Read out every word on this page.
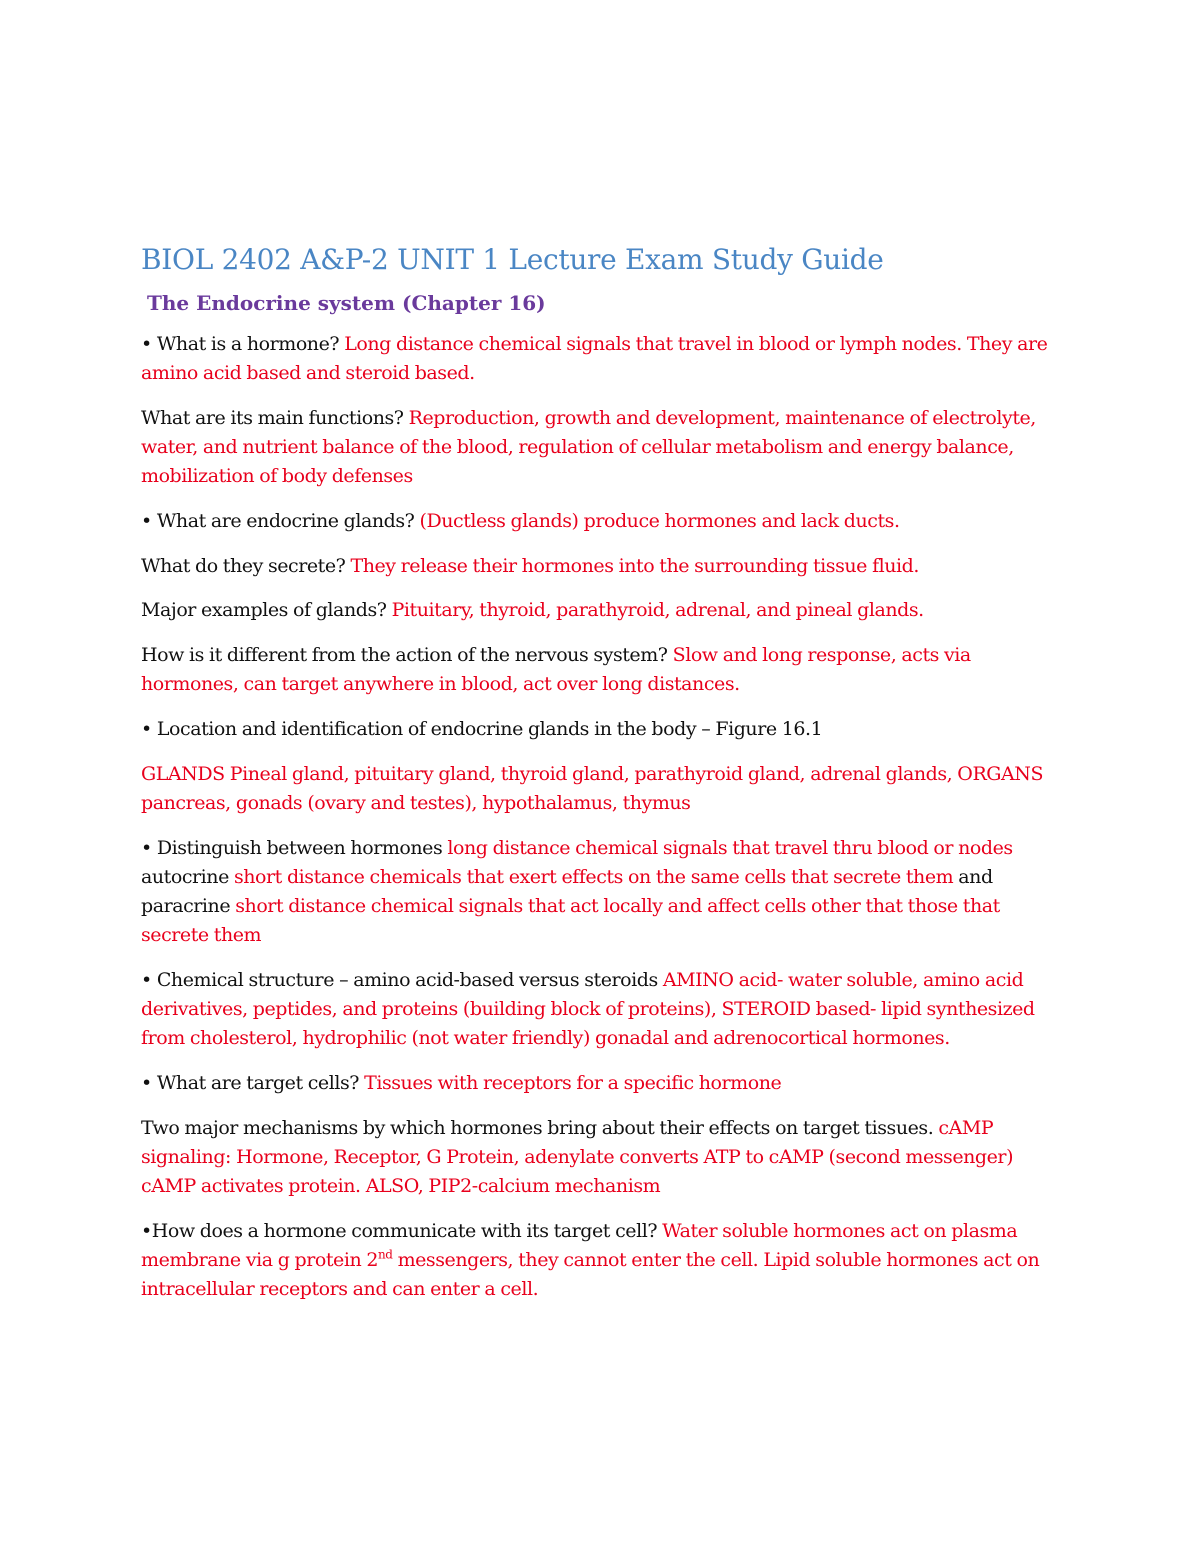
BIOL 2402 A&P-2 UNIT 1 Lecture Exam Study Guide
The Endocrine system (Chapter 16)
• What is a hormone? Long distance chemical signals that travel in blood or lymph nodes. They are amino acid based and steroid based.
What are its main functions? Reproduction, growth and development, maintenance of electrolyte, water, and nutrient balance of the blood, regulation of cellular metabolism and energy balance, mobilization of body defenses
• What are endocrine glands? (Ductless glands) produce hormones and lack ducts.
What do they secrete? They release their hormones into the surrounding tissue fluid.
Major examples of glands? Pituitary, thyroid, parathyroid, adrenal, and pineal glands.
How is it different from the action of the nervous system? Slow and long response, acts via hormones, can target anywhere in blood, act over long distances.
• Location and identification of endocrine glands in the body – Figure 16.1
GLANDS Pineal gland, pituitary gland, thyroid gland, parathyroid gland, adrenal glands, ORGANS pancreas, gonads (ovary and testes), hypothalamus, thymus
• Distinguish between hormones long distance chemical signals that travel thru blood or nodes autocrine short distance chemicals that exert effects on the same cells that secrete them and paracrine short distance chemical signals that act locally and affect cells other that those that secrete them
• Chemical structure – amino acid-based versus steroids AMINO acid- water soluble, amino acid derivatives, peptides, and proteins (building block of proteins), STEROID based- lipid synthesized from cholesterol, hydrophilic (not water friendly) gonadal and adrenocortical hormones.
• What are target cells? Tissues with receptors for a specific hormone
Two major mechanisms by which hormones bring about their effects on target tissues. cAMP signaling: Hormone, Receptor, G Protein, adenylate converts ATP to cAMP (second messenger) cAMP activates protein. ALSO, PIP2-calcium mechanism
•How does a hormone communicate with its target cell? Water soluble hormones act on plasma membrane via g protein 2nd messengers, they cannot enter the cell. Lipid soluble hormones act on intracellular receptors and can enter a cell.
